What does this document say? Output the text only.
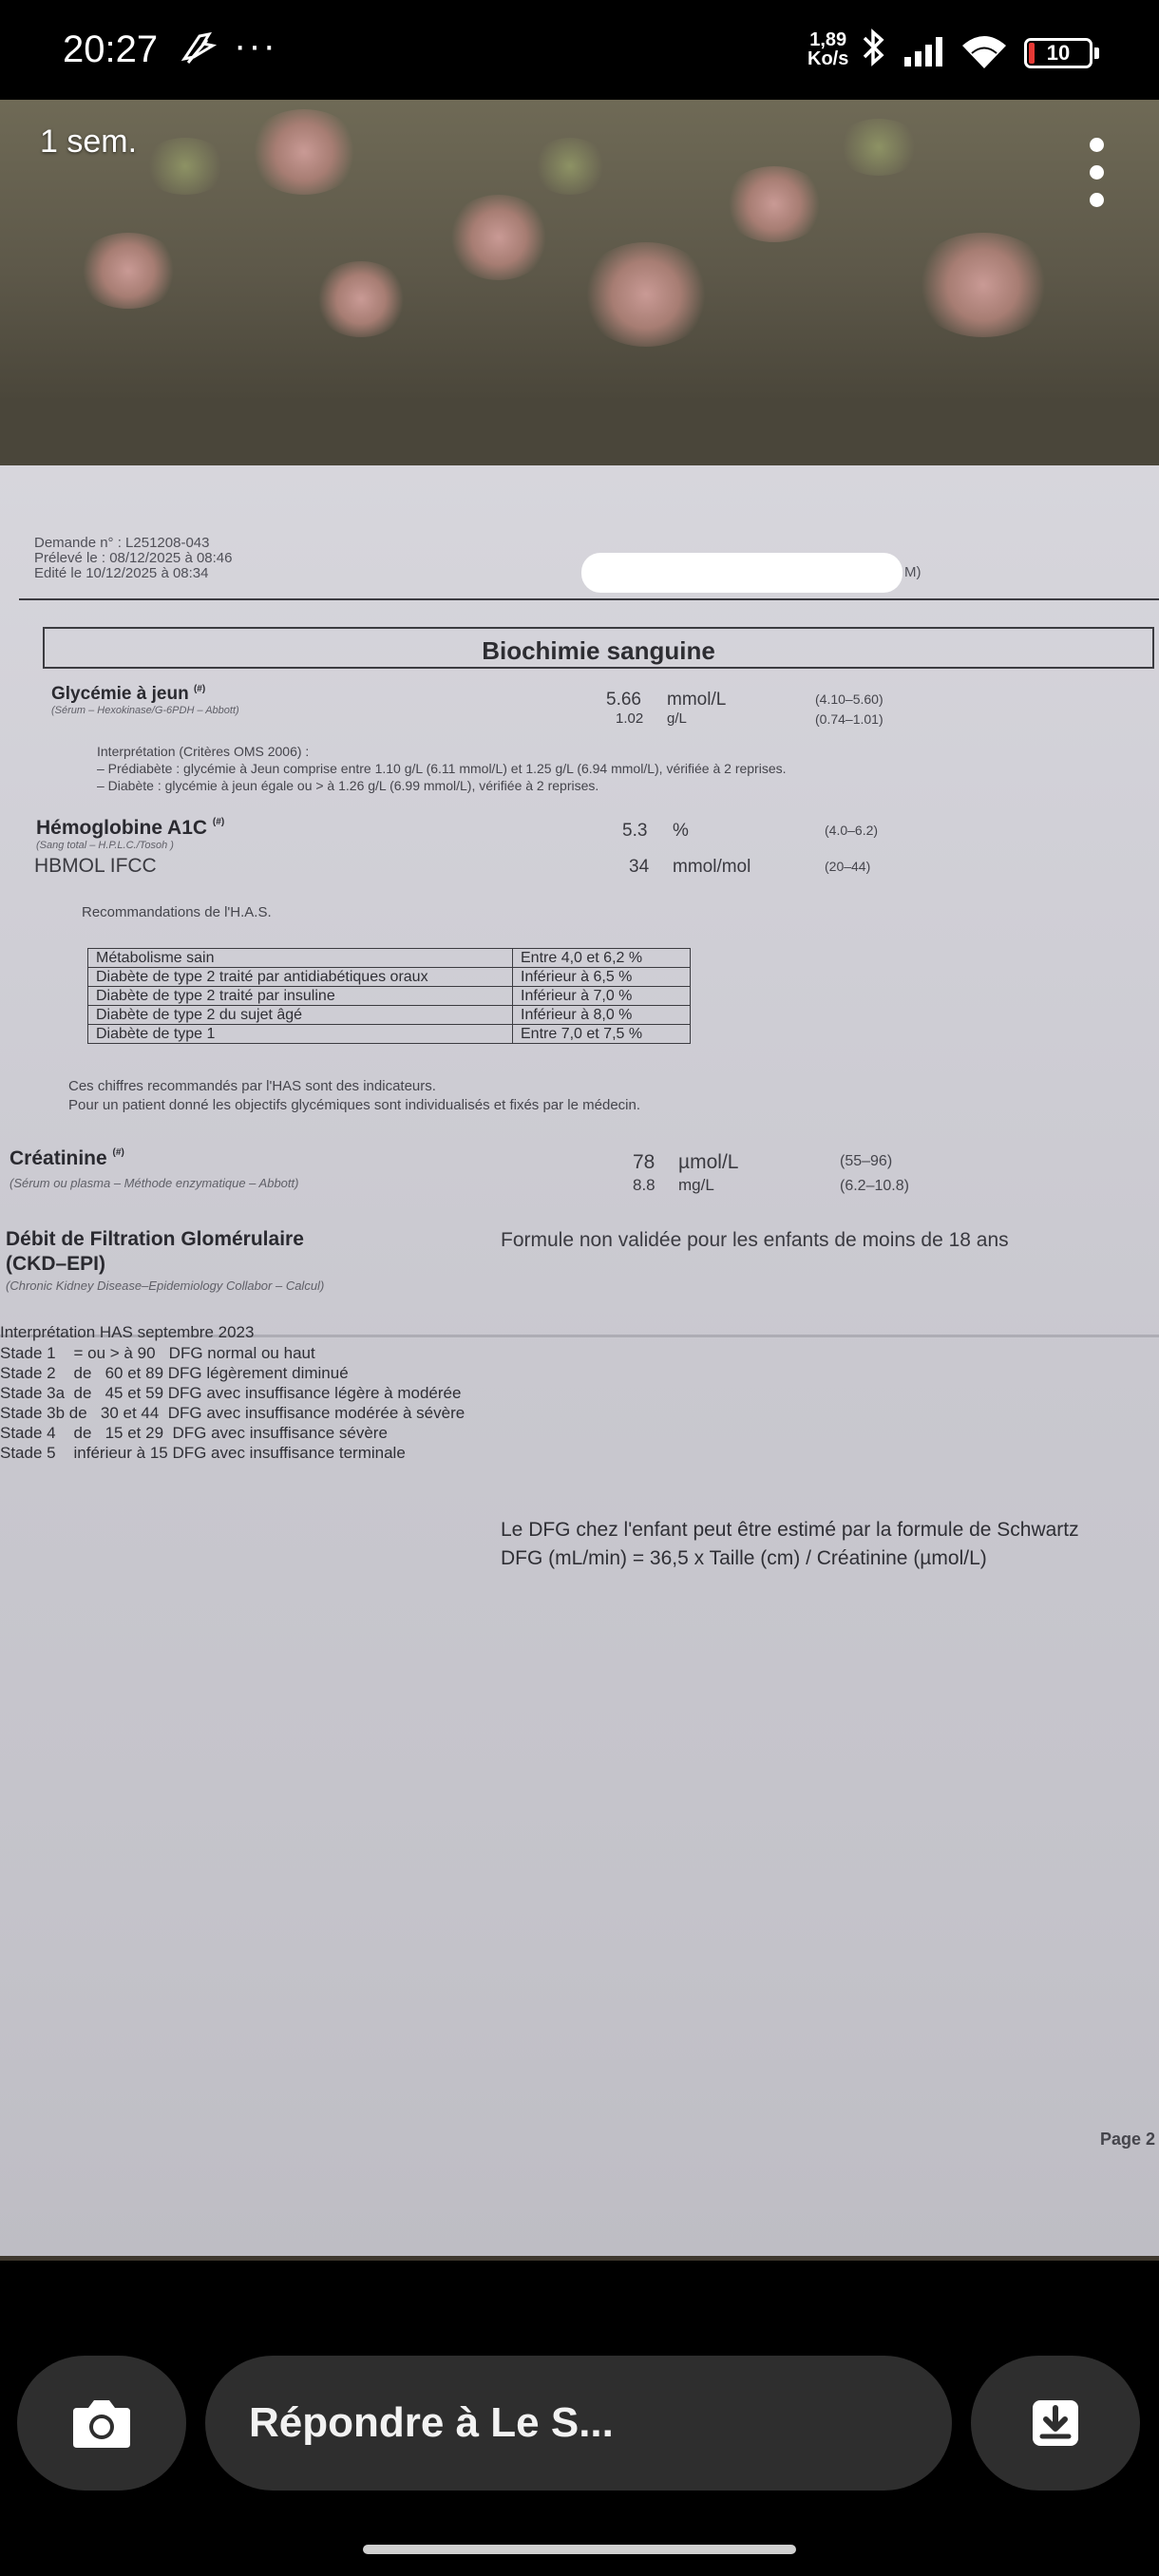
20:27 ···	1,89
Ko/s	10
Demande n° : L251208-043
Prélevé le : 08/12/2025 à 08:46
Edité le 10/12/2025 à 08:34	M)
Biochimie sanguine
Glycémie à jeun (#)
(Sérum – Hexokinase/G-6PDH – Abbott)
5.66 mmol/L	(4.10–5.60)
1.02 g/L	(0.74–1.01)
Interprétation (Critères OMS 2006) :
– Prédiabète : glycémie à Jeun comprise entre 1.10 g/L (6.11 mmol/L) et 1.25 g/L (6.94 mmol/L), vérifiée à 2 reprises.
– Diabète : glycémie à jeun égale ou > à 1.26 g/L (6.99 mmol/L), vérifiée à 2 reprises.
Hémoglobine A1C (#)
(Sang total – H.P.L.C./Tosoh )
5.3 %	(4.0–6.2)
HBMOL IFCC	34 mmol/mol	(20–44)
Recommandations de l'H.A.S.
Métabolisme sain	Entre 4,0 et 6,2 %
Diabète de type 2 traité par antidiabétiques oraux	Inférieur à 6,5 %
Diabète de type 2 traité par insuline	Inférieur à 7,0 %
Diabète de type 2 du sujet âgé	Inférieur à 8,0 %
Diabète de type 1	Entre 7,0 et 7,5 %
Ces chiffres recommandés par l'HAS sont des indicateurs.
Pour un patient donné les objectifs glycémiques sont individualisés et fixés par le médecin.
Créatinine (#)
(Sérum ou plasma – Méthode enzymatique – Abbott)
78 µmol/L	(55–96)
8.8 mg/L	(6.2–10.8)
Débit de Filtration Glomérulaire
(CKD–EPI)
(Chronic Kidney Disease–Epidemiology Collabor – Calcul)
Formule non validée pour les enfants de moins de 18 ans
Interprétation HAS septembre 2023
Stade 1    = ou > à 90   DFG normal ou haut
Stade 2    de   60 et 89 DFG légèrement diminué
Stade 3a  de   45 et 59 DFG avec insuffisance légère à modérée
Stade 3b de   30 et 44  DFG avec insuffisance modérée à sévère
Stade 4    de   15 et 29  DFG avec insuffisance sévère
Stade 5    inférieur à 15 DFG avec insuffisance terminale
Le DFG chez l'enfant peut être estimé par la formule de Schwartz
DFG (mL/min) = 36,5 x Taille (cm) / Créatinine (µmol/L)
Page 2
1 sem.
Répondre à Le S...
